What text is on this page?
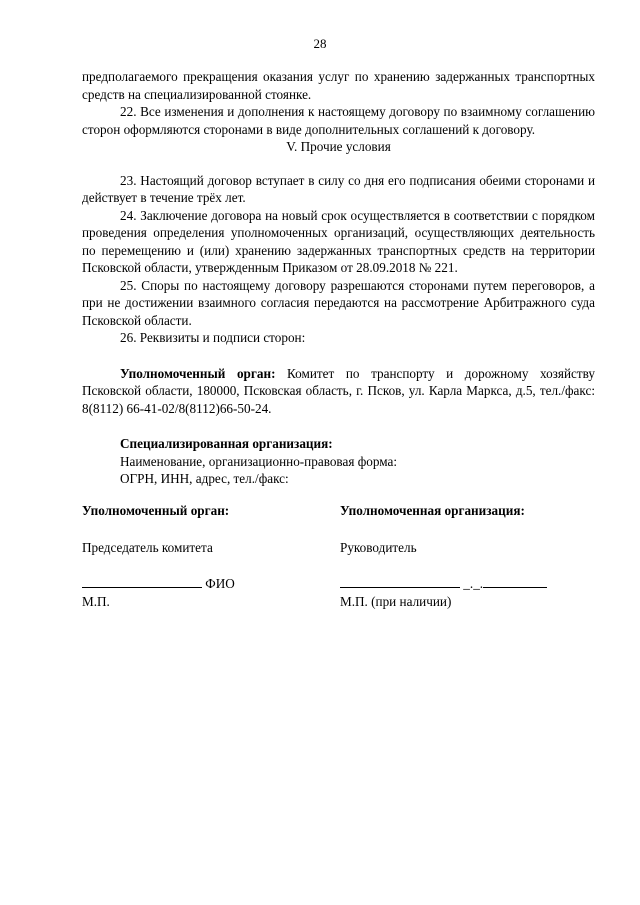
28

предполагаемого прекращения оказания услуг по хранению задержанных транспортных средств на специализированной стоянке.

22. Все изменения и дополнения к настоящему договору по взаимному соглашению сторон оформляются сторонами в виде дополнительных соглашений к договору.

V. Прочие условия

23. Настоящий договор вступает в силу со дня его подписания обеими сторонами и действует в течение трёх лет.

24. Заключение договора на новый срок осуществляется в соответствии с порядком проведения определения уполномоченных организаций, осуществляющих деятельность по перемещению и (или) хранению задержанных транспортных средств на территории Псковской области, утвержденным Приказом от 28.09.2018 № 221.

25. Споры по настоящему договору разрешаются сторонами путем переговоров, а при не достижении взаимного согласия передаются на рассмотрение Арбитражного суда Псковской области.

26. Реквизиты и подписи сторон:

Уполномоченный орган: Комитет по транспорту и дорожному хозяйству Псковской области, 180000, Псковская область, г. Псков, ул. Карла Маркса, д.5, тел./факс: 8(8112) 66-41-02/8(8112)66-50-24.

Специализированная организация:
Наименование, организационно-правовая форма:
ОГРН, ИНН, адрес, тел./факс:
Уполномоченный орган:
Председатель комитета
ФИО
М.П.
Уполномоченная организация:
Руководитель
_._.
М.П. (при наличии)
